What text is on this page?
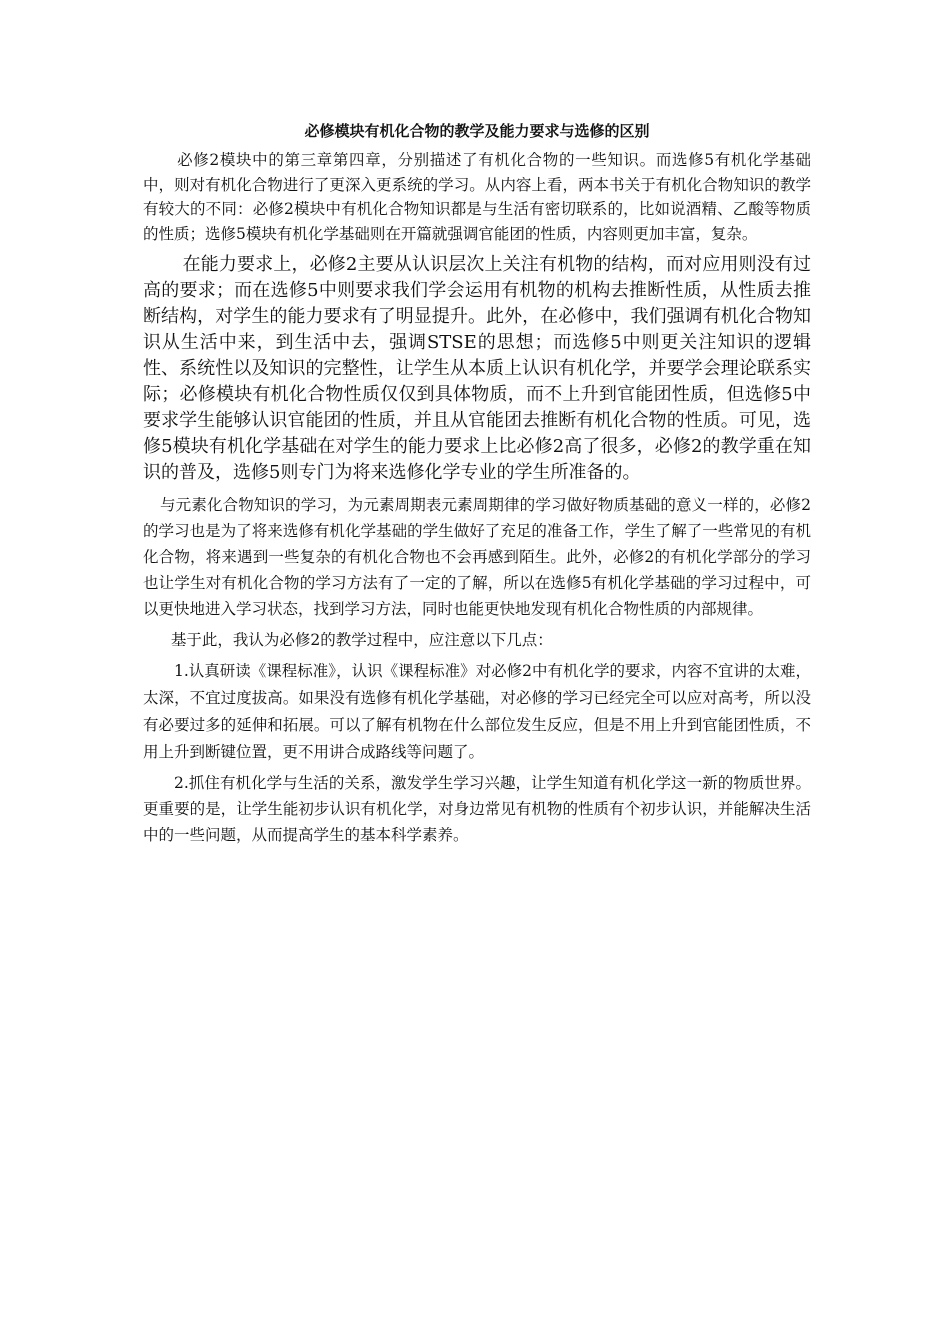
必修模块有机化合物的教学及能力要求与选修的区别

必修2模块中的第三章第四章，分别描述了有机化合物的一些知识。而选修5有机化学基础中，则对有机化合物进行了更深入更系统的学习。从内容上看，两本书关于有机化合物知识的教学有较大的不同：必修2模块中有机化合物知识都是与生活有密切联系的，比如说酒精、乙酸等物质的性质；选修5模块有机化学基础则在开篇就强调官能团的性质，内容则更加丰富，复杂。

在能力要求上，必修2主要从认识层次上关注有机物的结构，而对应用则没有过高的要求；而在选修5中则要求我们学会运用有机物的机构去推断性质，从性质去推断结构，对学生的能力要求有了明显提升。此外，在必修中，我们强调有机化合物知识从生活中来，到生活中去，强调STSE的思想；而选修5中则更关注知识的逻辑性、系统性以及知识的完整性，让学生从本质上认识有机化学，并要学会理论联系实际；必修模块有机化合物性质仅仅到具体物质，而不上升到官能团性质，但选修5中要求学生能够认识官能团的性质，并且从官能团去推断有机化合物的性质。可见，选修5模块有机化学基础在对学生的能力要求上比必修2高了很多，必修2的教学重在知识的普及，选修5则专门为将来选修化学专业的学生所准备的。

与元素化合物知识的学习，为元素周期表元素周期律的学习做好物质基础的意义一样的，必修2的学习也是为了将来选修有机化学基础的学生做好了充足的准备工作，学生了解了一些常见的有机化合物，将来遇到一些复杂的有机化合物也不会再感到陌生。此外，必修2的有机化学部分的学习也让学生对有机化合物的学习方法有了一定的了解，所以在选修5有机化学基础的学习过程中，可以更快地进入学习状态，找到学习方法，同时也能更快地发现有机化合物性质的内部规律。

基于此，我认为必修2的教学过程中，应注意以下几点：

1.认真研读《课程标准》，认识《课程标准》对必修2中有机化学的要求，内容不宜讲的太难，太深，不宜过度拔高。如果没有选修有机化学基础，对必修的学习已经完全可以应对高考，所以没有必要过多的延伸和拓展。可以了解有机物在什么部位发生反应，但是不用上升到官能团性质，不用上升到断键位置，更不用讲合成路线等问题了。

2.抓住有机化学与生活的关系，激发学生学习兴趣，让学生知道有机化学这一新的物质世界。更重要的是，让学生能初步认识有机化学，对身边常见有机物的性质有个初步认识，并能解决生活中的一些问题，从而提高学生的基本科学素养。
